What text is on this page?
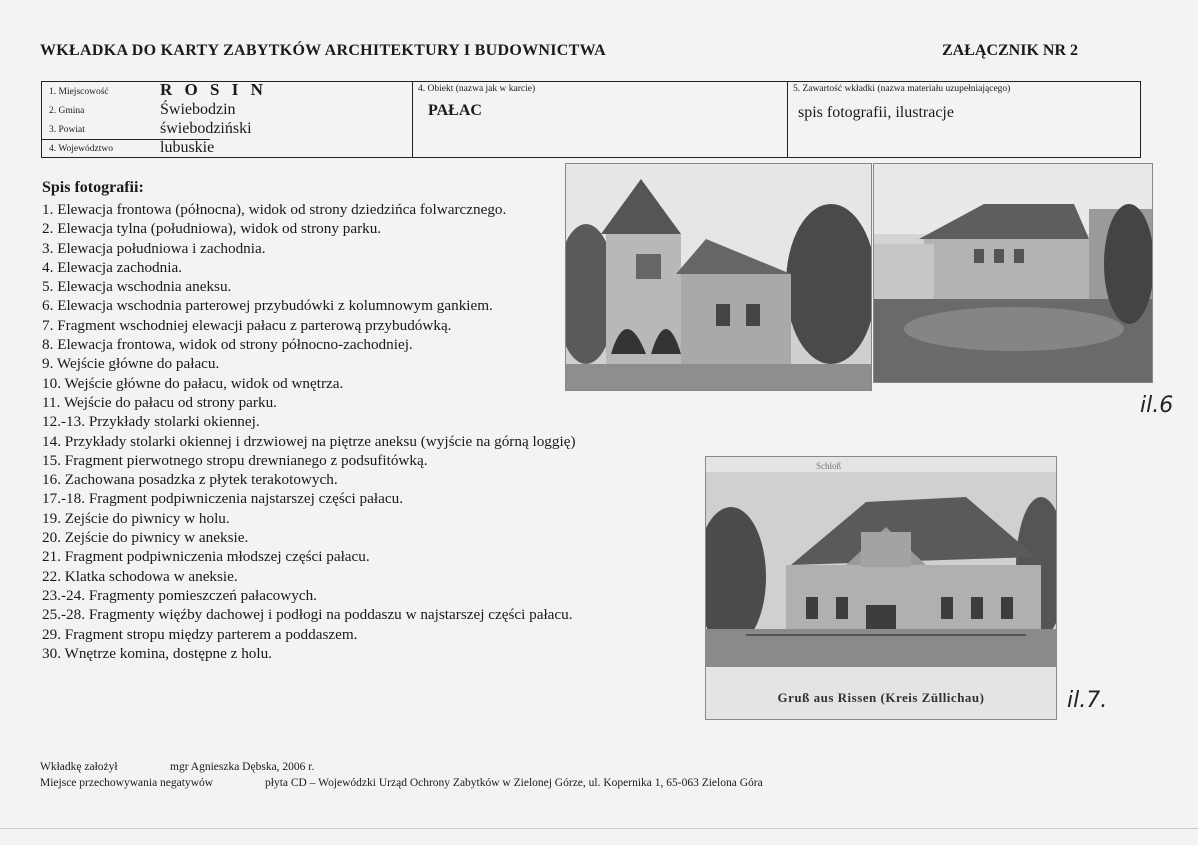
WKŁADKA DO KARTY ZABYTKÓW ARCHITEKTURY I BUDOWNICTWA	ZAŁĄCZNIK NR 2
1. Miejscowość	R O S I N
2. Gmina	Świebodzin
3. Powiat	świebodziński
4. Województwo	lubuskie
4. Obiekt (nazwa jak w karcie)
PAŁAC
5. Zawartość wkładki (nazwa materiału uzupełniającego)
spis fotografii, ilustracje
Spis fotografii:
1. Elewacja frontowa (północna), widok od strony dziedzińca folwarcznego.
2. Elewacja tylna (południowa), widok od strony parku.
3. Elewacja południowa i zachodnia.
4. Elewacja zachodnia.
5. Elewacja wschodnia aneksu.
6. Elewacja wschodnia parterowej przybudówki z kolumnowym gankiem.
7. Fragment wschodniej elewacji pałacu z parterową przybudówką.
8. Elewacja frontowa, widok od strony północno-zachodniej.
9. Wejście główne do pałacu.
10. Wejście główne do pałacu, widok od wnętrza.
11. Wejście do pałacu od strony parku.
12.-13. Przykłady stolarki okiennej.
14. Przykłady stolarki okiennej i drzwiowej na piętrze aneksu (wyjście na górną loggię)
15. Fragment pierwotnego stropu drewnianego z podsufitówką.
16. Zachowana posadzka z płytek terakotowych.
17.-18. Fragment podpiwniczenia najstarszej części pałacu.
19. Zejście do piwnicy w holu.
20. Zejście do piwnicy w aneksie.
21. Fragment podpiwniczenia młodszej części pałacu.
22. Klatka schodowa w aneksie.
23.-24. Fragmenty pomieszczeń pałacowych.
25.-28. Fragmenty więźby dachowej i podłogi na poddaszu w najstarszej części pałacu.
29. Fragment stropu między parterem a poddaszem.
30. Wnętrze komina, dostępne z holu.
Schloß
Gruß aus Rissen (Kreis Züllichau)
il.6
il.7.
Wkładkę założył	mgr Agnieszka Dębska, 2006 r.
Miejsce przechowywania negatywów	płyta CD – Wojewódzki Urząd Ochrony Zabytków w Zielonej Górze, ul. Kopernika 1, 65-063 Zielona Góra
